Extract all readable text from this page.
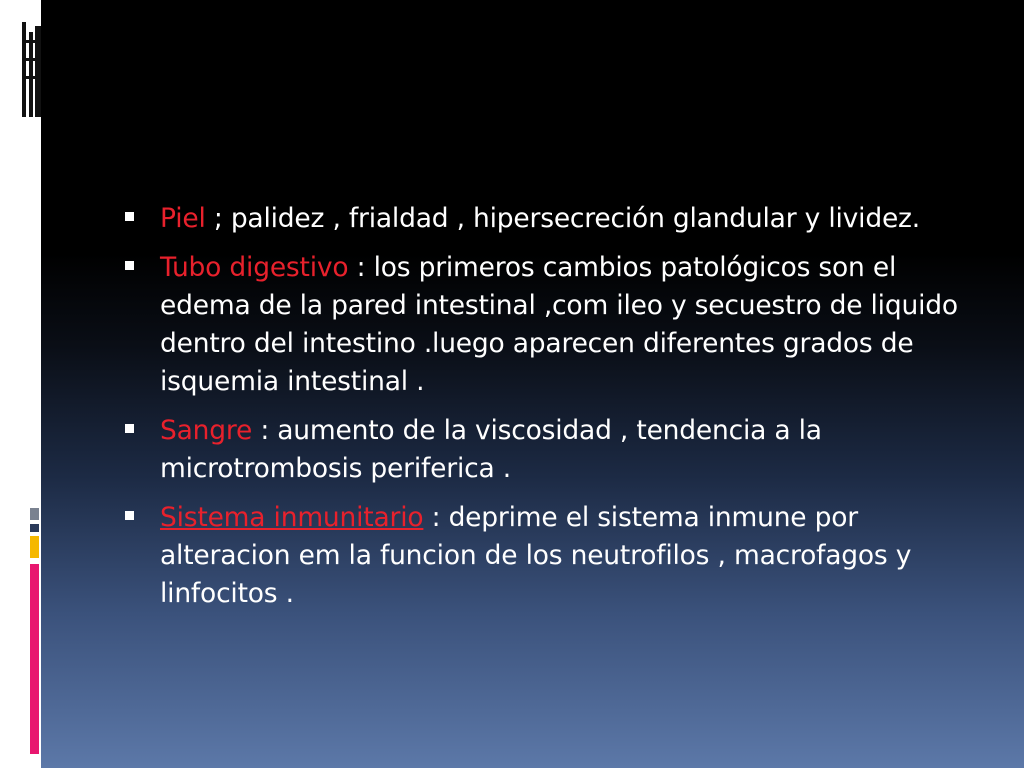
Piel ; palidez , frialdad , hipersecreción glandular y lividez.
Tubo digestivo : los primeros cambios patológicos son el edema de la pared intestinal ,com ileo y secuestro de liquido dentro del intestino .luego aparecen diferentes grados de isquemia intestinal .
Sangre : aumento de la viscosidad , tendencia a la microtrombosis periferica .
Sistema inmunitario : deprime el sistema inmune por alteracion em la funcion de los neutrofilos , macrofagos y linfocitos .
